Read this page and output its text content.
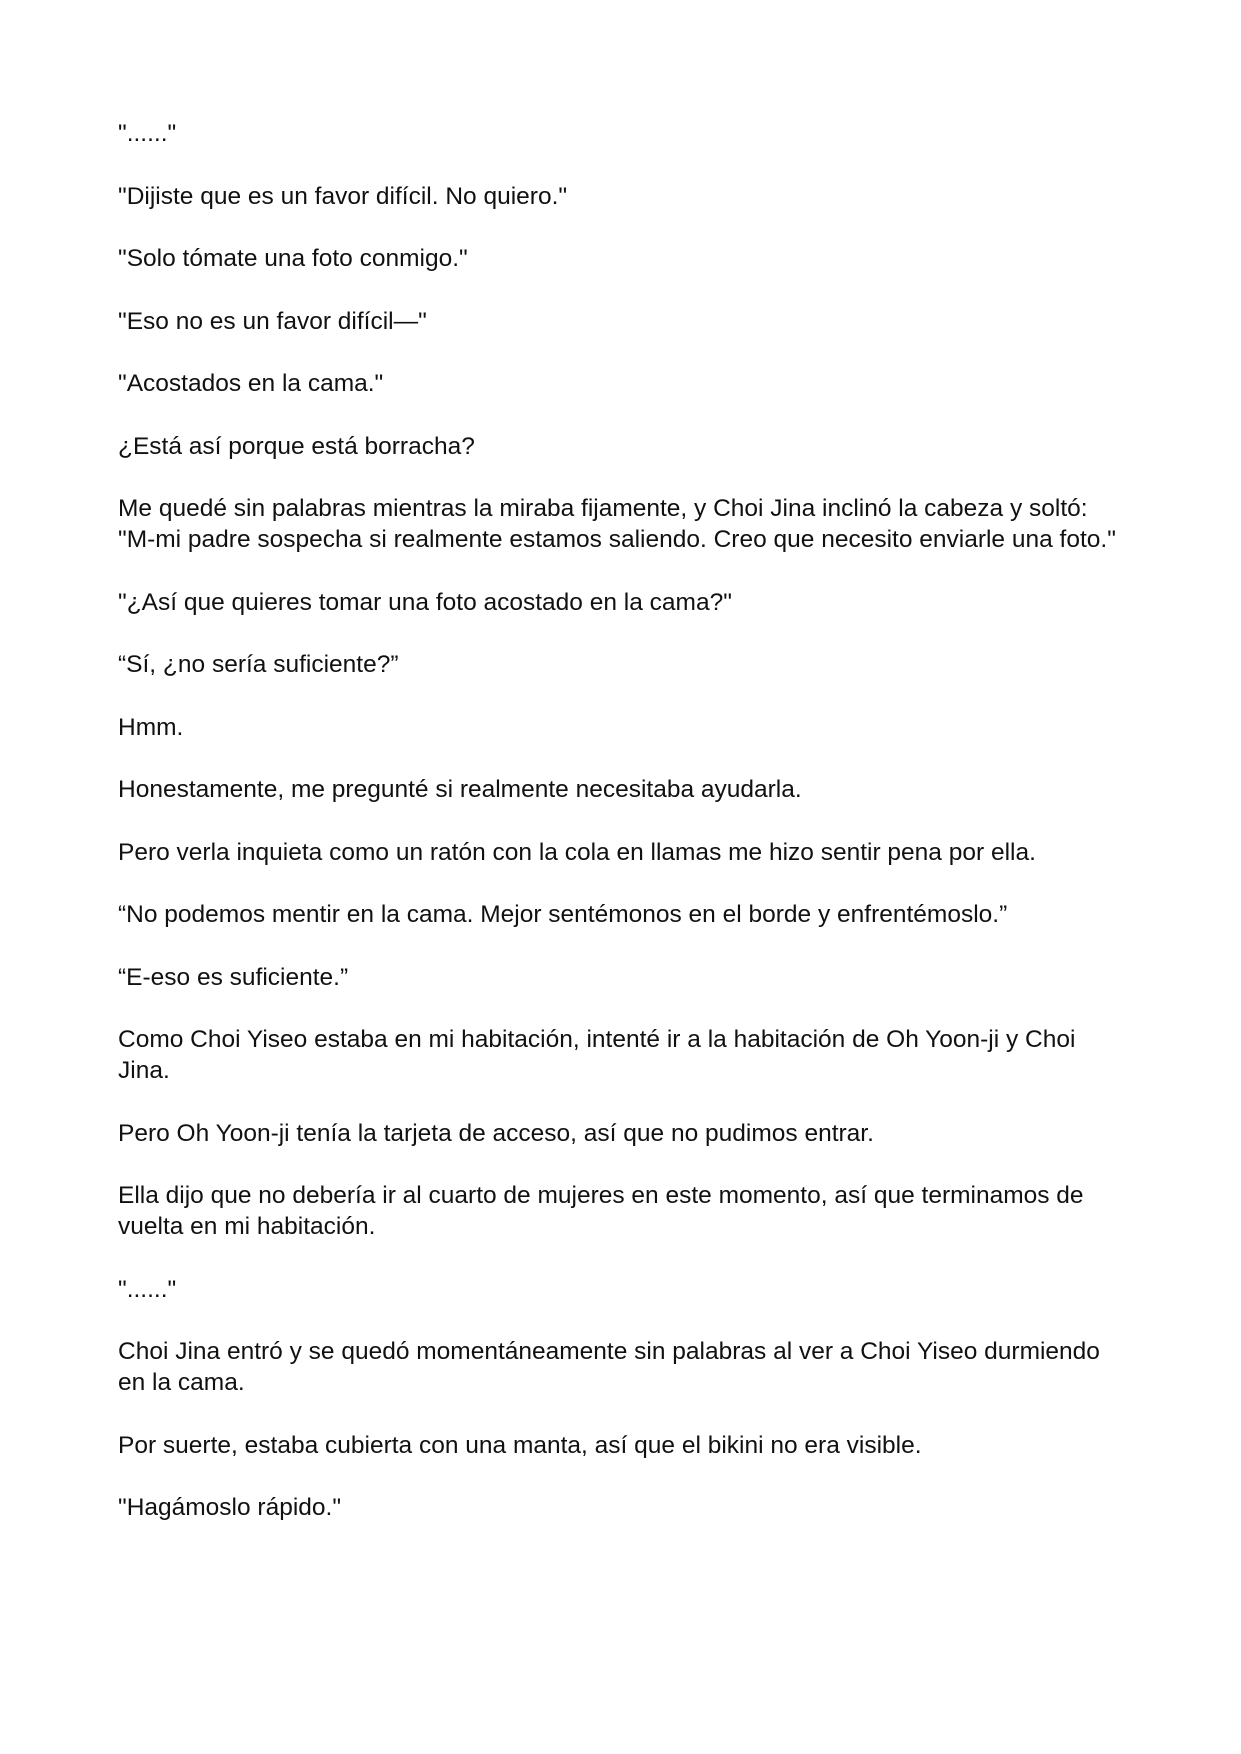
"......"

"Dijiste que es un favor difícil. No quiero."

"Solo tómate una foto conmigo."

"Eso no es un favor difícil—"

"Acostados en la cama."

¿Está así porque está borracha?

Me quedé sin palabras mientras la miraba fijamente, y Choi Jina inclinó la cabeza y soltó: "M-mi padre sospecha si realmente estamos saliendo. Creo que necesito enviarle una foto."

"¿Así que quieres tomar una foto acostado en la cama?"

“Sí, ¿no sería suficiente?”

Hmm.

Honestamente, me pregunté si realmente necesitaba ayudarla.

Pero verla inquieta como un ratón con la cola en llamas me hizo sentir pena por ella.

“No podemos mentir en la cama. Mejor sentémonos en el borde y enfrentémoslo.”

“E-eso es suficiente.”

Como Choi Yiseo estaba en mi habitación, intenté ir a la habitación de Oh Yoon-ji y Choi Jina.

Pero Oh Yoon-ji tenía la tarjeta de acceso, así que no pudimos entrar.

Ella dijo que no debería ir al cuarto de mujeres en este momento, así que terminamos de vuelta en mi habitación.

"......"

Choi Jina entró y se quedó momentáneamente sin palabras al ver a Choi Yiseo durmiendo en la cama.

Por suerte, estaba cubierta con una manta, así que el bikini no era visible.

"Hagámoslo rápido."
